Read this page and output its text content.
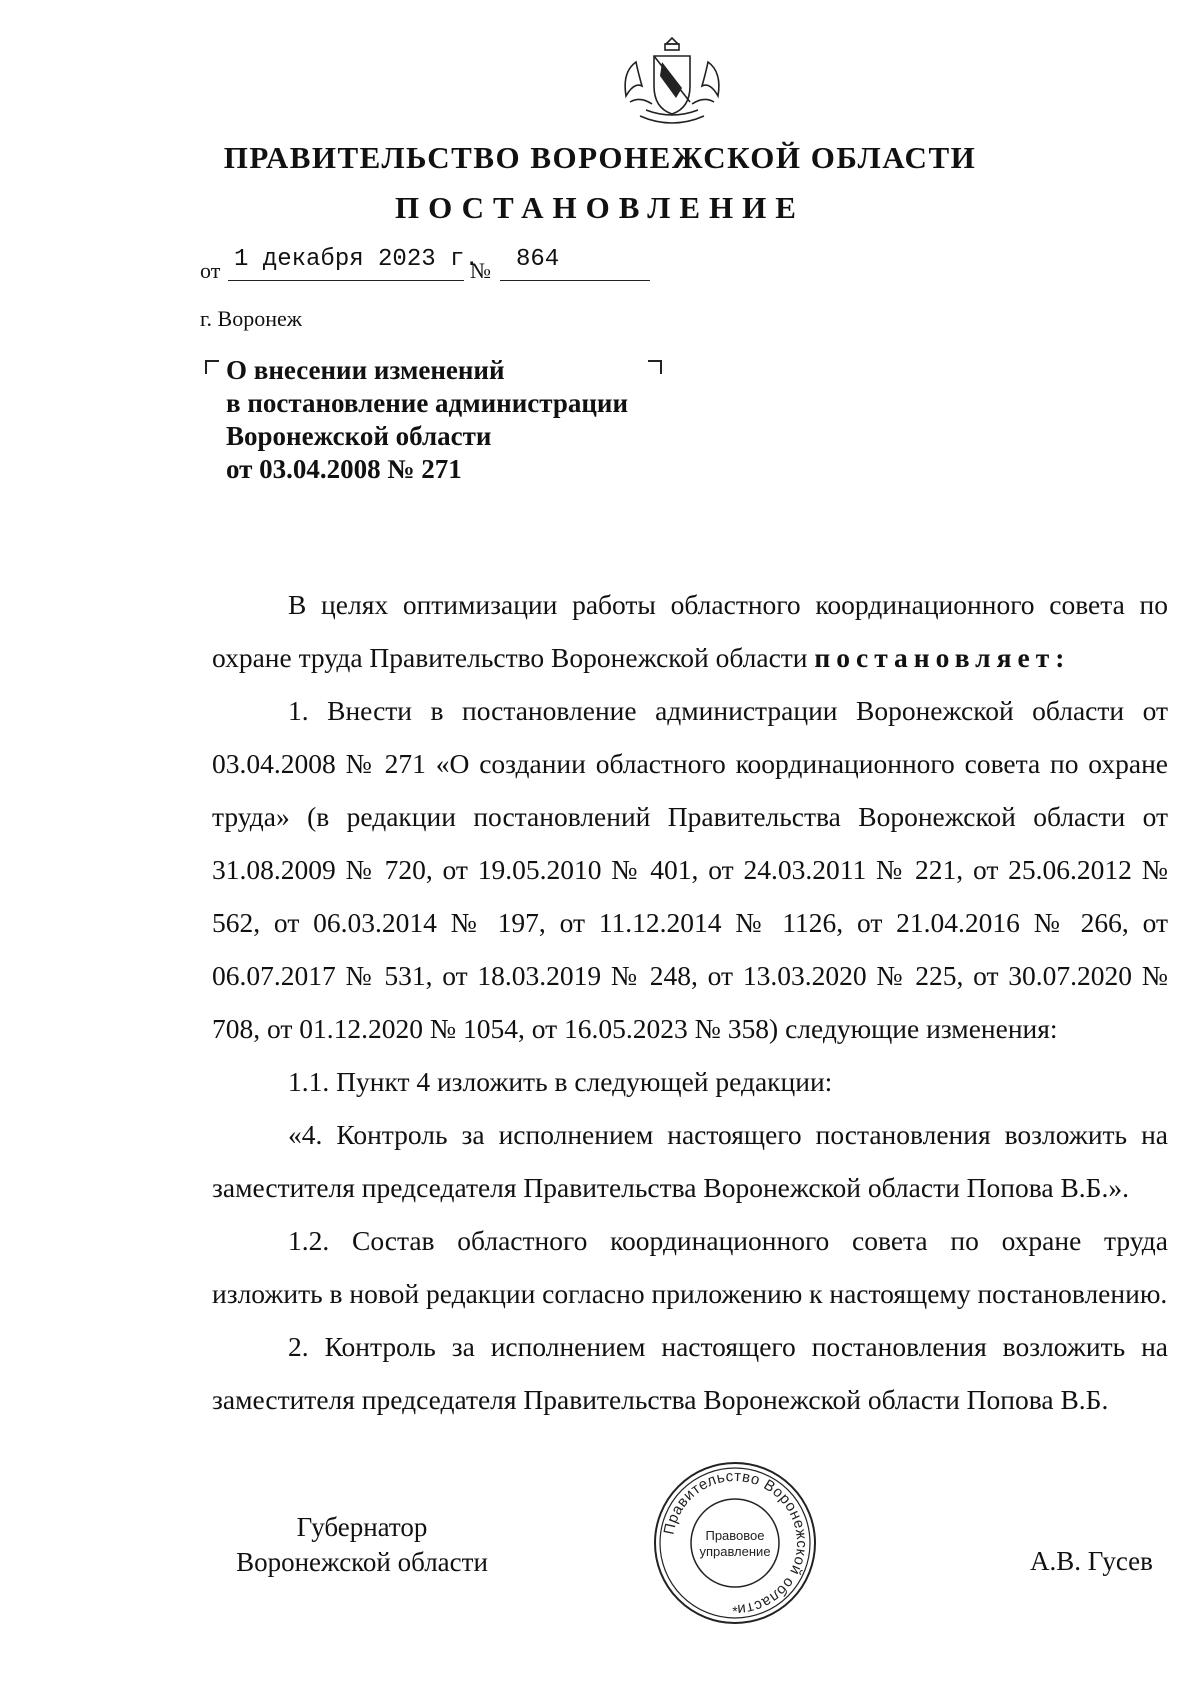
ПРАВИТЕЛЬСТВО ВОРОНЕЖСКОЙ ОБЛАСТИ
ПОСТАНОВЛЕНИЕ
от 1 декабря 2023 г.
№ 864
г. Воронеж
О внесении изменений
в постановление администрации
Воронежской области
от 03.04.2008 № 271

В целях оптимизации работы областного координационного совета по охране труда Правительство Воронежской области постановляет:

1. Внести в постановление администрации Воронежской области от 03.04.2008 № 271 «О создании областного координационного совета по охране труда» (в редакции постановлений Правительства Воронежской области от 31.08.2009 № 720, от 19.05.2010 № 401, от 24.03.2011 № 221, от 25.06.2012 № 562, от 06.03.2014 № 197, от 11.12.2014 № 1126, от 21.04.2016 № 266, от 06.07.2017 № 531, от 18.03.2019 № 248, от 13.03.2020 № 225, от 30.07.2020 № 708, от 01.12.2020 № 1054, от 16.05.2023 № 358) следующие изменения:

1.1. Пункт 4 изложить в следующей редакции:

«4. Контроль за исполнением настоящего постановления возложить на заместителя председателя Правительства Воронежской области Попова В.Б.».

1.2. Состав областного координационного совета по охране труда изложить в новой редакции согласно приложению к настоящему постановлению.

2. Контроль за исполнением настоящего постановления возложить на заместителя председателя Правительства Воронежской области Попова В.Б.

Губернатор
Воронежской области	А.В. Гусев
Правительство Воронежской области
Правовое
управление
*
